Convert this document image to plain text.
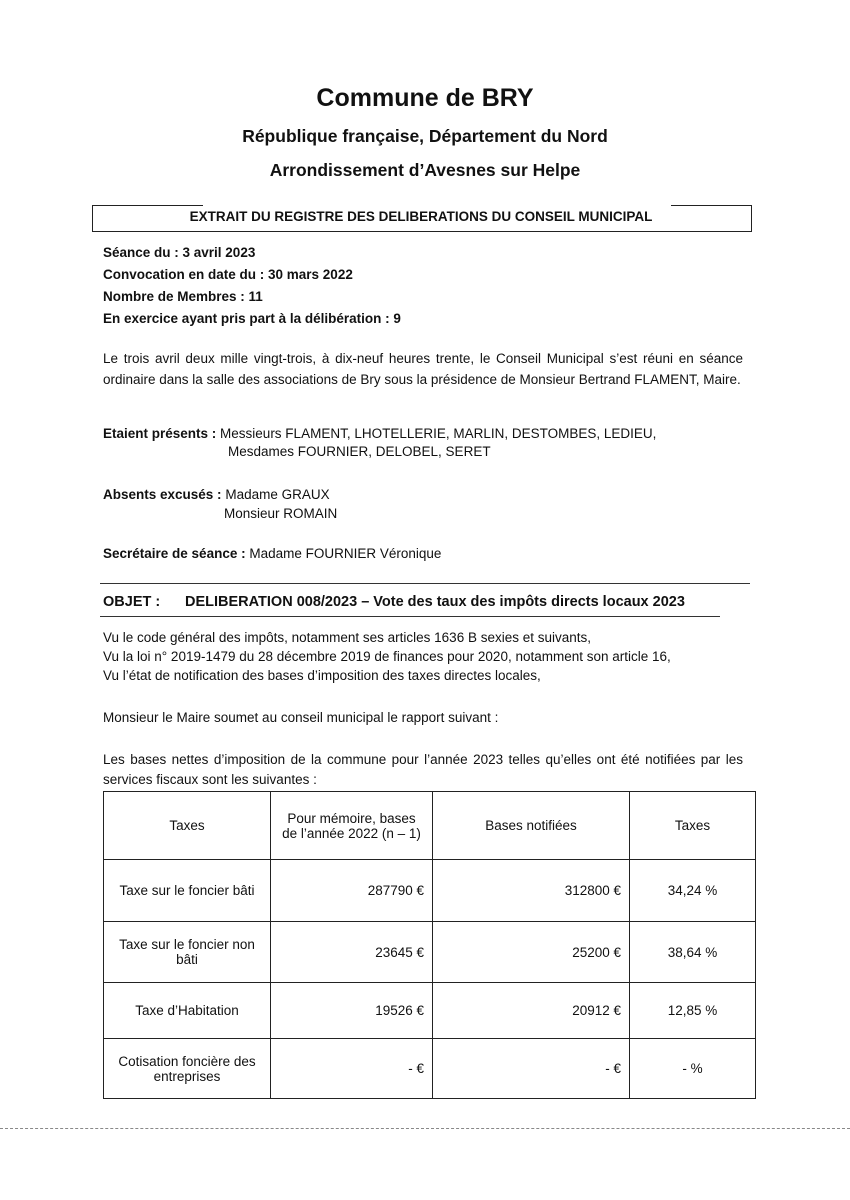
Commune de BRY
République française, Département du Nord
Arrondissement d’Avesnes sur Helpe
EXTRAIT DU REGISTRE DES DELIBERATIONS DU CONSEIL MUNICIPAL
Séance du : 3 avril 2023
Convocation en date du : 30 mars 2022
Nombre de Membres : 11
En exercice ayant pris part à la délibération : 9
Le trois avril deux mille vingt-trois, à dix-neuf heures trente, le Conseil Municipal s’est réuni en séance ordinaire dans la salle des associations de Bry sous la présidence de Monsieur Bertrand FLAMENT, Maire.
Etaient présents : Messieurs FLAMENT, LHOTELLERIE, MARLIN, DESTOMBES, LEDIEU,
Mesdames FOURNIER, DELOBEL, SERET
Absents excusés : Madame GRAUX
Monsieur ROMAIN
Secrétaire de séance : Madame FOURNIER Véronique
OBJET : DELIBERATION 008/2023 – Vote des taux des impôts directs locaux 2023
Vu le code général des impôts, notamment ses articles 1636 B sexies et suivants,
Vu la loi n° 2019-1479 du 28 décembre 2019 de finances pour 2020, notamment son article 16,
Vu l’état de notification des bases d’imposition des taxes directes locales,
Monsieur le Maire soumet au conseil municipal le rapport suivant :
Les bases nettes d’imposition de la commune pour l’année 2023 telles qu’elles ont été notifiées par les services fiscaux sont les suivantes :
Taxes	Pour mémoire, bases de l’année 2022 (n – 1)	Bases notifiées	Taxes
Taxe sur le foncier bâti	287790 €	312800 €	34,24 %
Taxe sur le foncier non bâti	23645 €	25200 €	38,64 %
Taxe d’Habitation	19526 €	20912 €	12,85 %
Cotisation foncière des entreprises	- €	- €	- %
